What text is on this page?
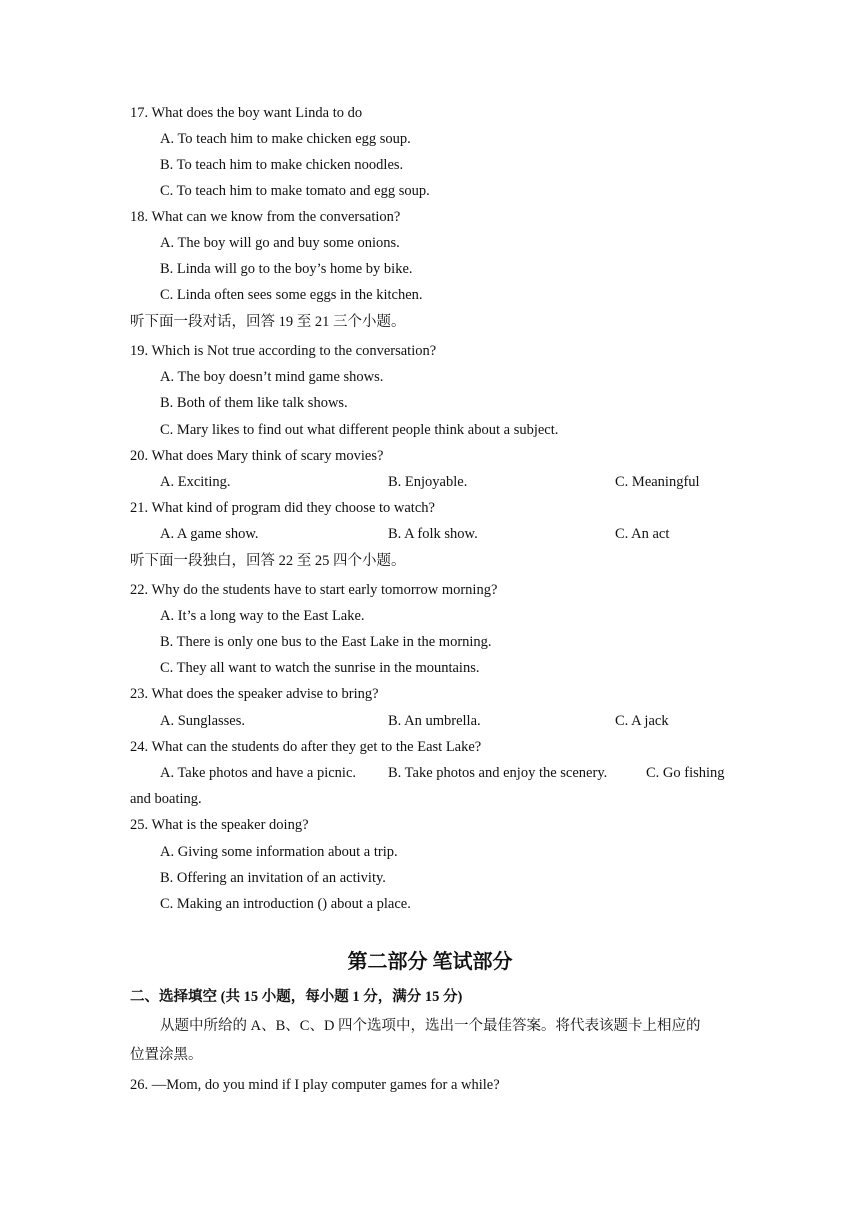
17. What does the boy want Linda to do
A. To teach him to make chicken egg soup.
B. To teach him to make chicken noodles.
C. To teach him to make tomato and egg soup.
18. What can we know from the conversation?
A. The boy will go and buy some onions.
B. Linda will go to the boy’s home by bike.
C. Linda often sees some eggs in the kitchen.
听下面一段对话，回答 19 至 21 三个小题。
19. Which is Not true according to the conversation?
A. The boy doesn’t mind game shows.
B. Both of them like talk shows.
C. Mary likes to find out what different people think about a subject.
20. What does Mary think of scary movies?
A. Exciting.	B. Enjoyable.	C. Meaningful
21. What kind of program did they choose to watch?
A. A game show.	B. A folk show.	C. An act
听下面一段独白，回答 22 至 25 四个小题。
22. Why do the students have to start early tomorrow morning?
A. It’s a long way to the East Lake.
B. There is only one bus to the East Lake in the morning.
C. They all want to watch the sunrise in the mountains.
23. What does the speaker advise to bring?
A. Sunglasses.	B. An umbrella.	C. A jack
24. What can the students do after they get to the East Lake?
A. Take photos and have a picnic. B. Take photos and enjoy the scenery.	C. Go fishing
and boating.
25. What is the speaker doing?
A. Giving some information about a trip.
B. Offering an invitation of an activity.
C. Making an introduction () about a place.
第二部分 笔试部分
二、选择填空 (共 15 小题，每小题 1 分，满分 15 分)
从题中所给的 A、B、C、D 四个选项中，选出一个最佳答案。将代表该题卡上相应的
位置涂黑。
26. —Mom, do you mind if I play computer games for a while?
